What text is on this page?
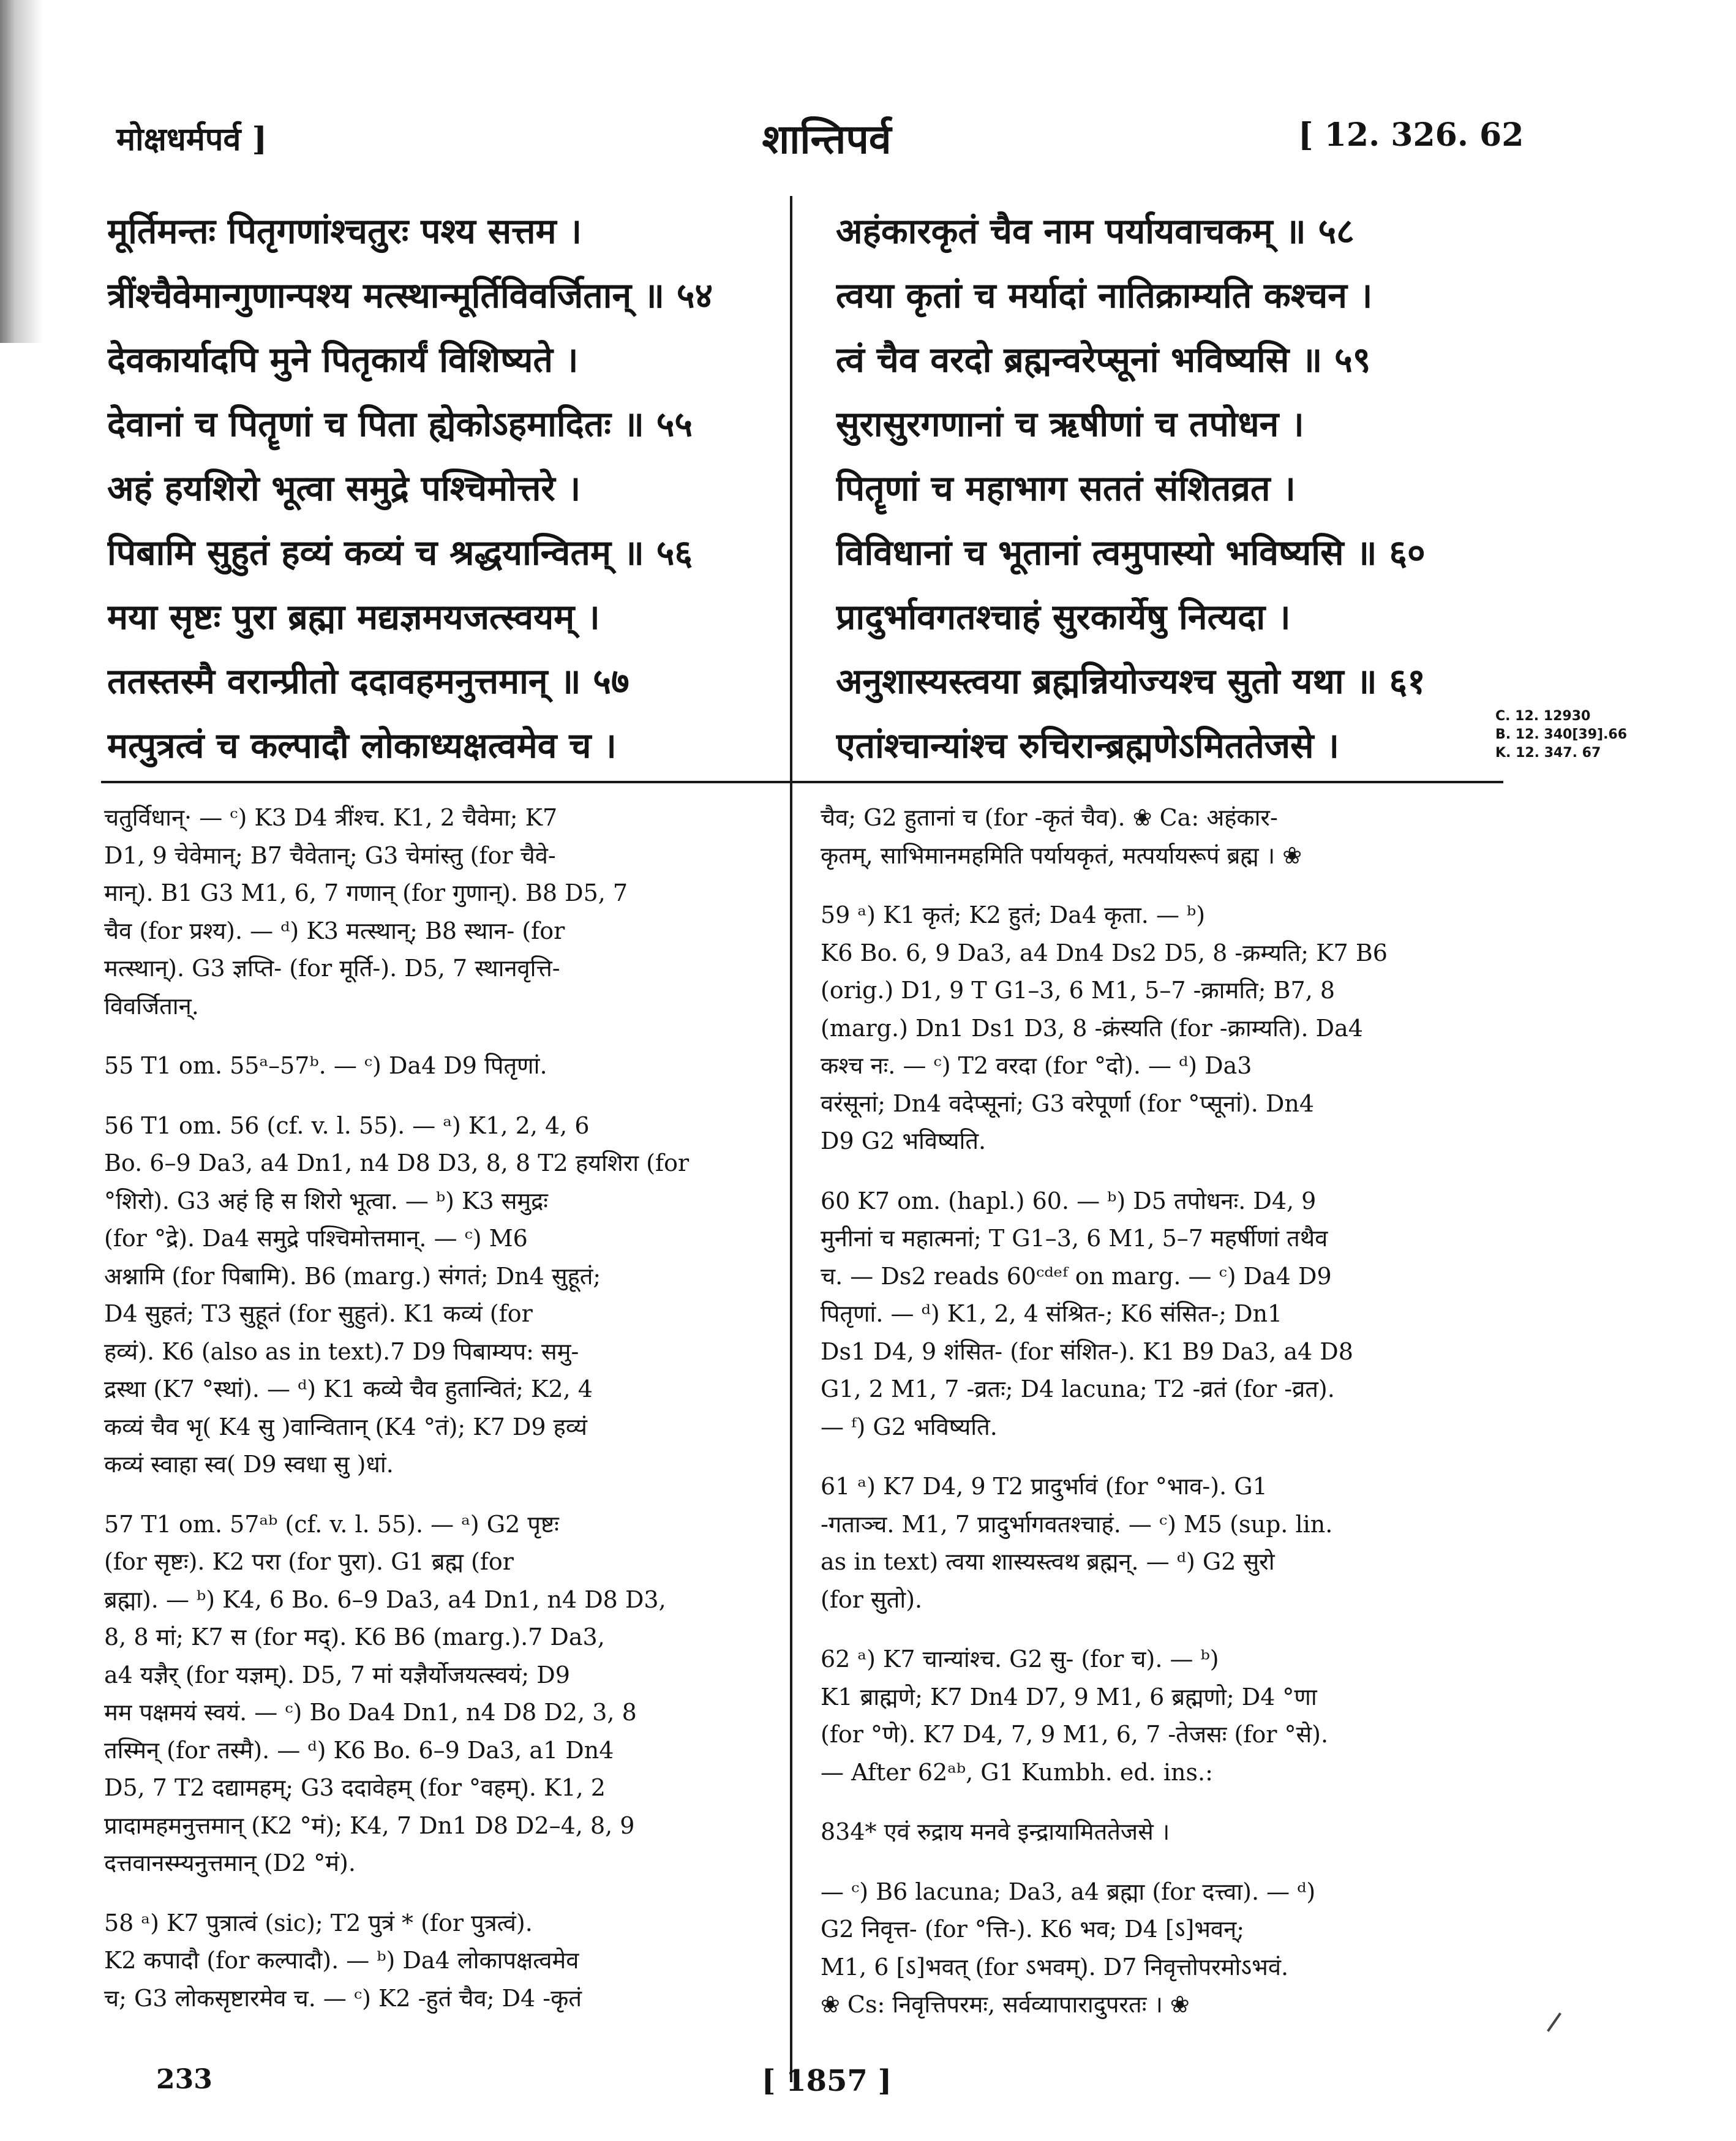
मोक्षधर्मपर्व ]	शान्तिपर्व	[ 12. 326. 62
मूर्तिमन्तः पितृगणांश्चतुरः पश्य सत्तम ।
त्रींश्चैवेमान्गुणान्पश्य मत्स्थान्मूर्तिविवर्जितान् ॥ ५४
देवकार्यादपि मुने पितृकार्यं विशिष्यते ।
देवानां च पितॄणां च पिता ह्येकोऽहमादितः ॥ ५५
अहं हयशिरो भूत्वा समुद्रे पश्चिमोत्तरे ।
पिबामि सुहुतं हव्यं कव्यं च श्रद्धयान्वितम् ॥ ५६
मया सृष्टः पुरा ब्रह्मा मद्यज्ञमयजत्स्वयम् ।
ततस्तस्मै वरान्प्रीतो ददावहमनुत्तमान् ॥ ५७
मत्पुत्रत्वं च कल्पादौ लोकाध्यक्षत्वमेव च ।
अहंकारकृतं चैव नाम पर्यायवाचकम् ॥ ५८
त्वया कृतां च मर्यादां नातिक्राम्यति कश्चन ।
त्वं चैव वरदो ब्रह्मन्वरेप्सूनां भविष्यसि ॥ ५९
सुरासुरगणानां च ऋषीणां च तपोधन ।
पितॄणां च महाभाग सततं संशितव्रत ।
विविधानां च भूतानां त्वमुपास्यो भविष्यसि ॥ ६०
प्रादुर्भावगतश्चाहं सुरकार्येषु नित्यदा ।
अनुशास्यस्त्वया ब्रह्मन्नियोज्यश्च सुतो यथा ॥ ६१
एतांश्चान्यांश्च रुचिरान्ब्रह्मणेऽमिततेजसे ।
C. 12. 12930
B. 12. 340[39].66
K. 12. 347. 67
चतुर्विधान्· — ᶜ) K3 D4 त्रींश्च. K1, 2 चैवेमा; K7
D1, 9 चेवेमान्; B7 चैवेतान्; G3 चेमांस्तु (for चैवे-
मान्). B1 G3 M1, 6, 7 गणान् (for गुणान्). B8 D5, 7
चैव (for प्रश्य). — ᵈ) K3 मत्स्थान्; B8 स्थान- (for
मत्स्थान्). G3 ज्ञप्ति- (for मूर्ति-). D5, 7 स्थानवृत्ति-
विवर्जितान्.
55 T1 om. 55ᵃ–57ᵇ. — ᶜ) Da4 D9 पितृणां.
56 T1 om. 56 (cf. v. l. 55). — ᵃ) K1, 2, 4, 6
Bo. 6–9 Da3, a4 Dn1, n4 D8 D3, 8, 8 T2 हयशिरा (for
°शिरो). G3 अहं हि स शिरो भूत्वा. — ᵇ) K3 समुद्रः
(for °द्रे). Da4 समुद्रे पश्चिमोत्तमान्. — ᶜ) M6
अश्नामि (for पिबामि). B6 (marg.) संगतं; Dn4 सुहूतं;
D4 सुहतं; T3 सुहूतं (for सुहुतं). K1 कव्यं (for
हव्यं). K6 (also as in text).7 D9 पिबाम्यप: समु-
द्रस्था (K7 °स्थां). — ᵈ) K1 कव्ये चैव हुतान्वितं; K2, 4
कव्यं चैव भृ( K4 सु )वान्वितान् (K4 °तं); K7 D9 हव्यं
कव्यं स्वाहा स्व( D9 स्वधा सु )धां.
57 T1 om. 57ᵃᵇ (cf. v. l. 55). — ᵃ) G2 पृष्टः
(for सृष्टः). K2 परा (for पुरा). G1 ब्रह्म (for
ब्रह्मा). — ᵇ) K4, 6 Bo. 6–9 Da3, a4 Dn1, n4 D8 D3,
8, 8 मां; K7 स (for मद्). K6 B6 (marg.).7 Da3,
a4 यज्ञैर् (for यज्ञम्). D5, 7 मां यज्ञैर्योजयत्स्वयं; D9
मम पक्षमयं स्वयं. — ᶜ) Bo Da4 Dn1, n4 D8 D2, 3, 8
तस्मिन् (for तस्मै). — ᵈ) K6 Bo. 6–9 Da3, a1 Dn4
D5, 7 T2 दद्यामहम्; G3 ददावेहम् (for °वहम्). K1, 2
प्रादामहमनुत्तमान् (K2 °मं); K4, 7 Dn1 D8 D2–4, 8, 9
दत्तवानस्म्यनुत्तमान् (D2 °मं).
58 ᵃ) K7 पुत्रात्वं (sic); T2 पुत्रं * (for पुत्रत्वं).
K2 कपादौ (for कल्पादौ). — ᵇ) Da4 लोकापक्षत्वमेव
च; G3 लोकसृष्टारमेव च. — ᶜ) K2 -हुतं चैव; D4 -कृतं
चैव; G2 हुतानां च (for -कृतं चैव). ❀ Ca: अहंकार-
कृतम्, साभिमानमहमिति पर्यायकृतं, मत्पर्यायरूपं ब्रह्म । ❀
59 ᵃ) K1 कृतं; K2 हुतं; Da4 कृता. — ᵇ)
K6 Bo. 6, 9 Da3, a4 Dn4 Ds2 D5, 8 -क्रम्यति; K7 B6
(orig.) D1, 9 T G1–3, 6 M1, 5–7 -क्रामति; B7, 8
(marg.) Dn1 Ds1 D3, 8 -क्रंस्यति (for -क्राम्यति). Da4
कश्च नः. — ᶜ) T2 वरदा (for °दो). — ᵈ) Da3
वरंसूनां; Dn4 वदेप्सूनां; G3 वरेपूर्णा (for °प्सूनां). Dn4
D9 G2 भविष्यति.
60 K7 om. (hapl.) 60. — ᵇ) D5 तपोधनः. D4, 9
मुनीनां च महात्मनां; T G1–3, 6 M1, 5–7 महर्षीणां तथैव
च. — Ds2 reads 60ᶜᵈᵉᶠ on marg. — ᶜ) Da4 D9
पितृणां. — ᵈ) K1, 2, 4 संश्रित-; K6 संसित-; Dn1
Ds1 D4, 9 शंसित- (for संशित-). K1 B9 Da3, a4 D8
G1, 2 M1, 7 -व्रतः; D4 lacuna; T2 -व्रतं (for -व्रत).
— ᶠ) G2 भविष्यति.
61 ᵃ) K7 D4, 9 T2 प्रादुर्भावं (for °भाव-). G1
-गताञ्च. M1, 7 प्रादुर्भागवतश्चाहं. — ᶜ) M5 (sup. lin.
as in text) त्वया शास्यस्त्वथ ब्रह्मन्. — ᵈ) G2 सुरो
(for सुतो).
62 ᵃ) K7 चान्यांश्च. G2 सु- (for च). — ᵇ)
K1 ब्राह्मणे; K7 Dn4 D7, 9 M1, 6 ब्रह्मणो; D4 °णा
(for °णे). K7 D4, 7, 9 M1, 6, 7 -तेजसः (for °से).
— After 62ᵃᵇ, G1 Kumbh. ed. ins.:
834* एवं रुद्राय मनवे इन्द्रायामिततेजसे ।
— ᶜ) B6 lacuna; Da3, a4 ब्रह्मा (for दत्त्वा). — ᵈ)
G2 निवृत्त- (for °त्ति-). K6 भव; D4 [ऽ]भवन्;
M1, 6 [ऽ]भवत् (for ऽभवम्). D7 निवृत्तोपरमोऽभवं.
❀ Cs: निवृत्तिपरमः, सर्वव्यापारादुपरतः । ❀
233	[ 1857 ]
